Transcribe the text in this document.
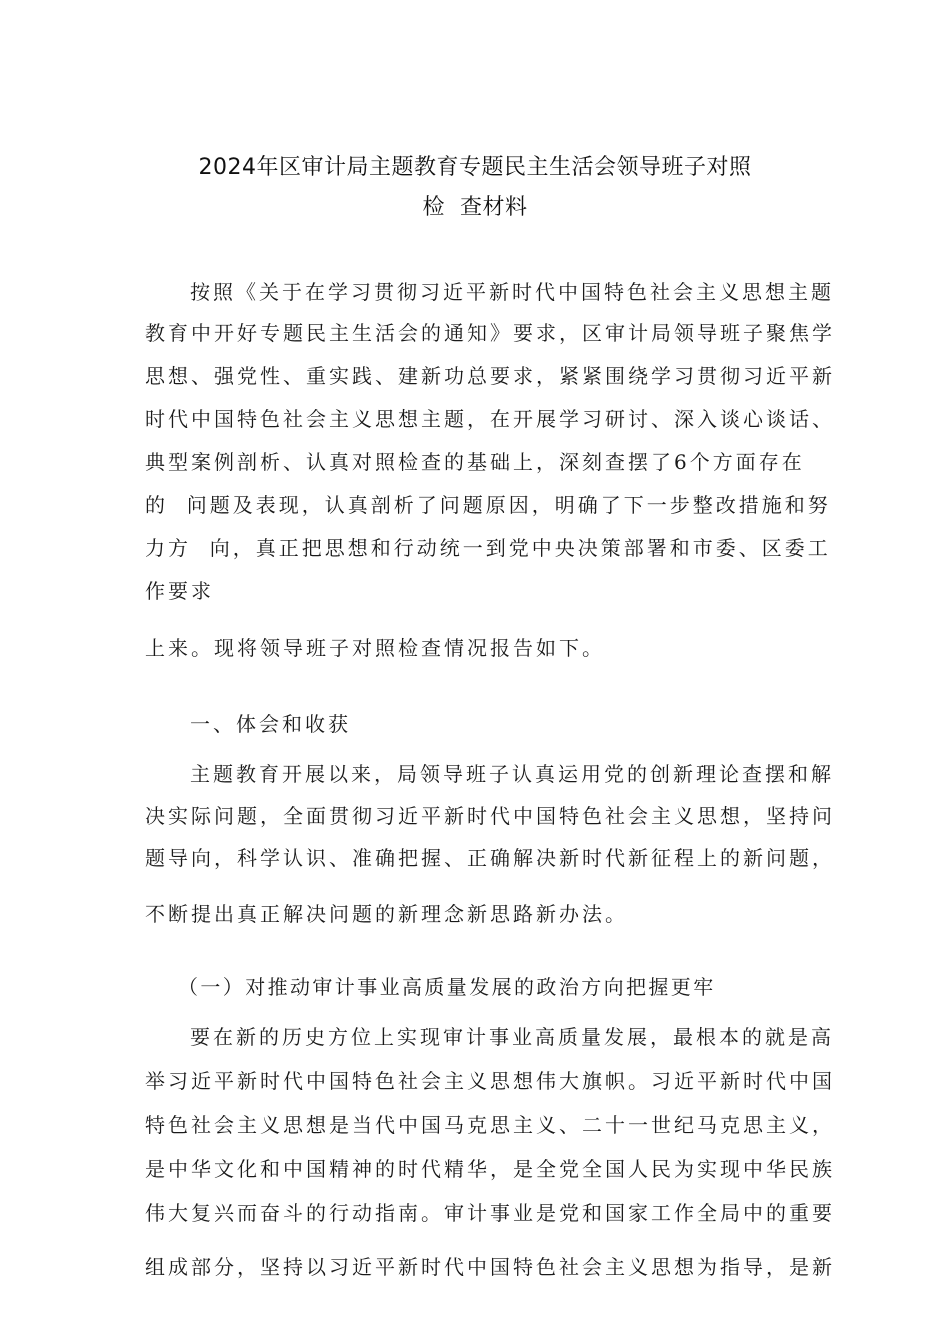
2024年区审计局主题教育专题民主生活会领导班子对照
检  查材料
按照《关于在学习贯彻习近平新时代中国特色社会主义思想主题
教育中开好专题民主生活会的通知》要求，区审计局领导班子聚焦学
思想、强党性、重实践、建新功总要求，紧紧围绕学习贯彻习近平新
时代中国特色社会主义思想主题，在开展学习研讨、深入谈心谈话、
典型案例剖析、认真对照检查的基础上，深刻查摆了6个方面存在
的  问题及表现，认真剖析了问题原因，明确了下一步整改措施和努
力方  向，真正把思想和行动统一到党中央决策部署和市委、区委工
作要求
上来。现将领导班子对照检查情况报告如下。
一、体会和收获
主题教育开展以来，局领导班子认真运用党的创新理论查摆和解
决实际问题，全面贯彻习近平新时代中国特色社会主义思想，坚持问
题导向，科学认识、准确把握、正确解决新时代新征程上的新问题，
不断提出真正解决问题的新理念新思路新办法。
（一）对推动审计事业高质量发展的政治方向把握更牢
要在新的历史方位上实现审计事业高质量发展，最根本的就是高
举习近平新时代中国特色社会主义思想伟大旗帜。习近平新时代中国
特色社会主义思想是当代中国马克思主义、二十一世纪马克思主义，
是中华文化和中国精神的时代精华，是全党全国人民为实现中华民族
伟大复兴而奋斗的行动指南。审计事业是党和国家工作全局中的重要
组成部分，坚持以习近平新时代中国特色社会主义思想为指导，是新
